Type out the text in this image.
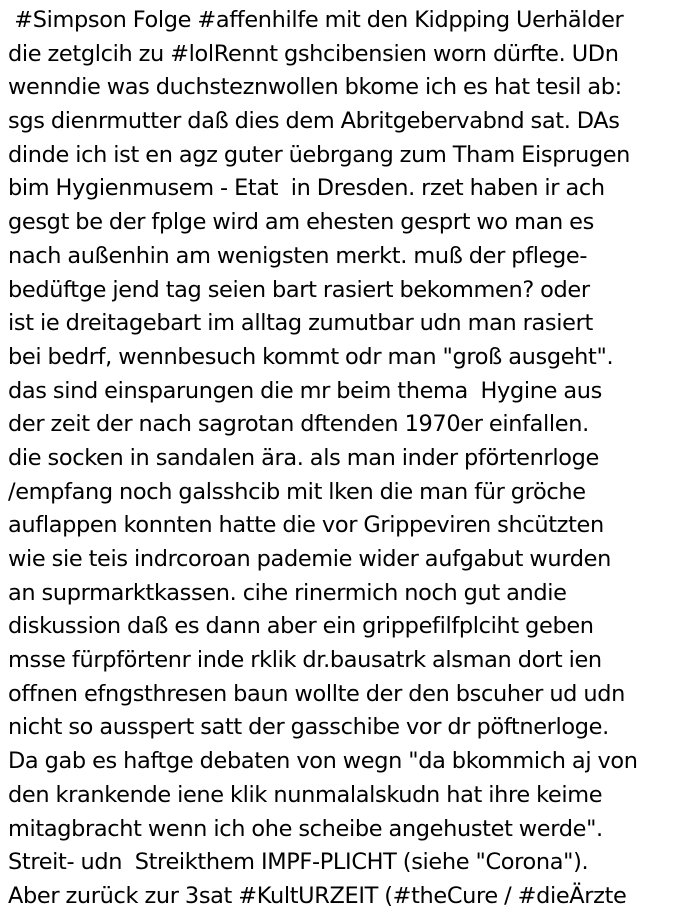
#Simpson Folge #affenhilfe mit den Kidpping Uerhälder
die zetglcih zu #lolRennt gshcibensien worn dürfte. UDn
wenndie was duchsteznwollen bkome ich es hat tesil ab:
sgs dienrmutter daß dies dem Abritgebervabnd sat. DAs
dinde ich ist en agz guter üebrgang zum Tham Eisprugen
bim Hygienmusem - Etat  in Dresden. rzet haben ir ach
gesgt be der fplge wird am ehesten gesprt wo man es
nach außenhin am wenigsten merkt. muß der pflege-
bedüftge jend tag seien bart rasiert bekommen? oder
ist ie dreitagebart im alltag zumutbar udn man rasiert
bei bedrf, wennbesuch kommt odr man "groß ausgeht".
das sind einsparungen die mr beim thema  Hygine aus
der zeit der nach sagrotan dftenden 1970er einfallen.
die socken in sandalen ära. als man inder pförtenrloge
/empfang noch galsshcib mit lken die man für gröche
auflappen konnten hatte die vor Grippeviren shcützten
wie sie teis indrcoroan pademie wider aufgabut wurden
an suprmarktkassen. cihe rinermich noch gut andie
diskussion daß es dann aber ein grippefilfplciht geben
msse fürpförtenr inde rklik dr.bausatrk alsman dort ien
offnen efngsthresen baun wollte der den bscuher ud udn
nicht so ausspert satt der gasschibe vor dr pöftnerloge.
Da gab es haftge debaten von wegn "da bkommich aj von
den krankende iene klik nunmalalskudn hat ihre keime
mitagbracht wenn ich ohe scheibe angehustet werde".
Streit- udn  Streikthem IMPF-PLICHT (siehe "Corona").
Aber zurück zur 3sat #KultURZEIT (#theCure / #dieÄrzte
